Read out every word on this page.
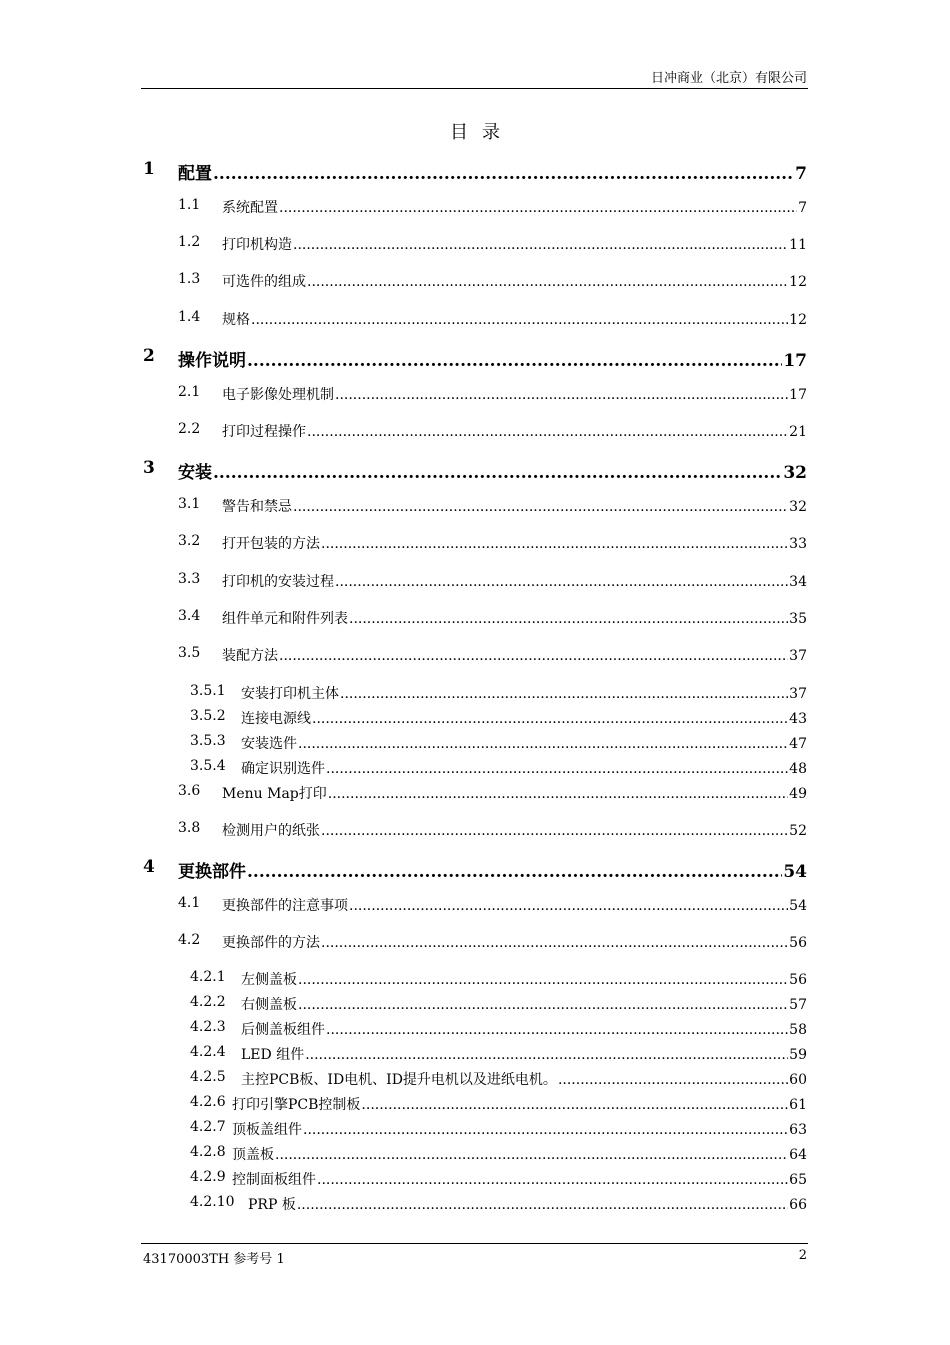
日冲商业（北京）有限公司
目录
1 配置 .....	7
1.1 系统配置 .....	7
1.2 打印机构造 .....	11
1.3 可选件的组成 .....	12
1.4 规格 .....	12
2 操作说明 .....	17
2.1 电子影像处理机制 .....	17
2.2 打印过程操作 .....	21
3 安装 .....	32
3.1 警告和禁忌 .....	32
3.2 打开包装的方法 .....	33
3.3 打印机的安装过程 .....	34
3.4 组件单元和附件列表 .....	35
3.5 装配方法 .....	37
3.5.1 安装打印机主体 .....	37
3.5.2 连接电源线 .....	43
3.5.3 安装选件 .....	47
3.5.4 确定识别选件 .....	48
3.6 Menu Map打印 .....	49
3.8 检测用户的纸张 .....	52
4 更换部件 .....	54
4.1 更换部件的注意事项 .....	54
4.2 更换部件的方法 .....	56
4.2.1 左侧盖板 .....	56
4.2.2 右侧盖板 .....	57
4.2.3 后侧盖板组件 .....	58
4.2.4 LED 组件 .....	59
4.2.5 主控PCB板、ID电机、ID提升电机以及进纸电机。 .....	60
4.2.6 打印引擎PCB控制板 .....	61
4.2.7 顶板盖组件 .....	63
4.2.8 顶盖板 .....	64
4.2.9 控制面板组件 .....	65
4.2.10 PRP 板 .....	66
43170003TH 参考号 1	2
